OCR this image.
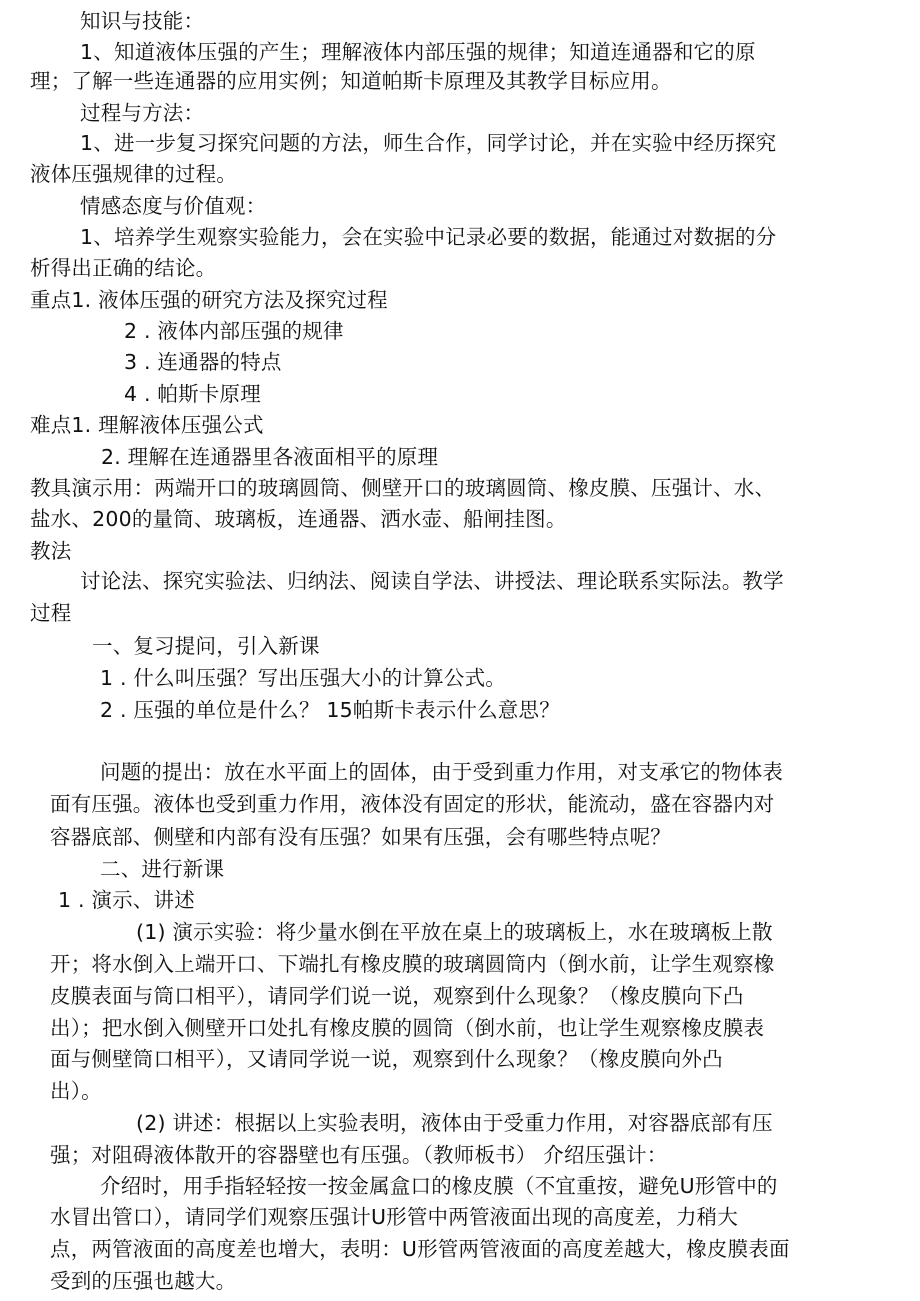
知识与技能：

1、知道液体压强的产生；理解液体内部压强的规律；知道连通器和它的原

理；了解一些连通器的应用实例；知道帕斯卡原理及其教学目标应用。

过程与方法：

1、进一步复习探究问题的方法，师生合作，同学讨论，并在实验中经历探究

液体压强规律的过程。

情感态度与价值观：

1、培养学生观察实验能力，会在实验中记录必要的数据，能通过对数据的分

析得出正确的结论。

重点1. 液体压强的研究方法及探究过程

2 . 液体内部压强的规律

3 . 连通器的特点

4 . 帕斯卡原理

难点1. 理解液体压强公式

2. 理解在连通器里各液面相平的原理

教具演示用：两端开口的玻璃圆筒、侧壁开口的玻璃圆筒、橡皮膜、压强计、水、

盐水、200的量筒、玻璃板，连通器、洒水壶、船闸挂图。

教法

讨论法、探究实验法、归纳法、阅读自学法、讲授法、理论联系实际法。教学

过程

一、复习提问，引入新课

1 . 什么叫压强？写出压强大小的计算公式。

2 . 压强的单位是什么？ 15帕斯卡表示什么意思？

问题的提出：放在水平面上的固体，由于受到重力作用，对支承它的物体表

面有压强。液体也受到重力作用，液体没有固定的形状，能流动，盛在容器内对

容器底部、侧壁和内部有没有压强？如果有压强，会有哪些特点呢？

二、进行新课

1 . 演示、讲述

(1) 演示实验：将少量水倒在平放在桌上的玻璃板上，水在玻璃板上散

开；将水倒入上端开口、下端扎有橡皮膜的玻璃圆筒内（倒水前，让学生观察橡

皮膜表面与筒口相平），请同学们说一说，观察到什么现象？（橡皮膜向下凸

出）；把水倒入侧壁开口处扎有橡皮膜的圆筒（倒水前，也让学生观察橡皮膜表

面与侧壁筒口相平），又请同学说一说，观察到什么现象？（橡皮膜向外凸

出）。

(2) 讲述：根据以上实验表明，液体由于受重力作用，对容器底部有压

强；对阻碍液体散开的容器壁也有压强。（教师板书） 介绍压强计：

介绍时，用手指轻轻按一按金属盒口的橡皮膜（不宜重按，避免U形管中的

水冒出管口），请同学们观察压强计U形管中两管液面出现的高度差，力稍大

点，两管液面的高度差也增大，表明：U形管两管液面的高度差越大，橡皮膜表面

受到的压强也越大。
